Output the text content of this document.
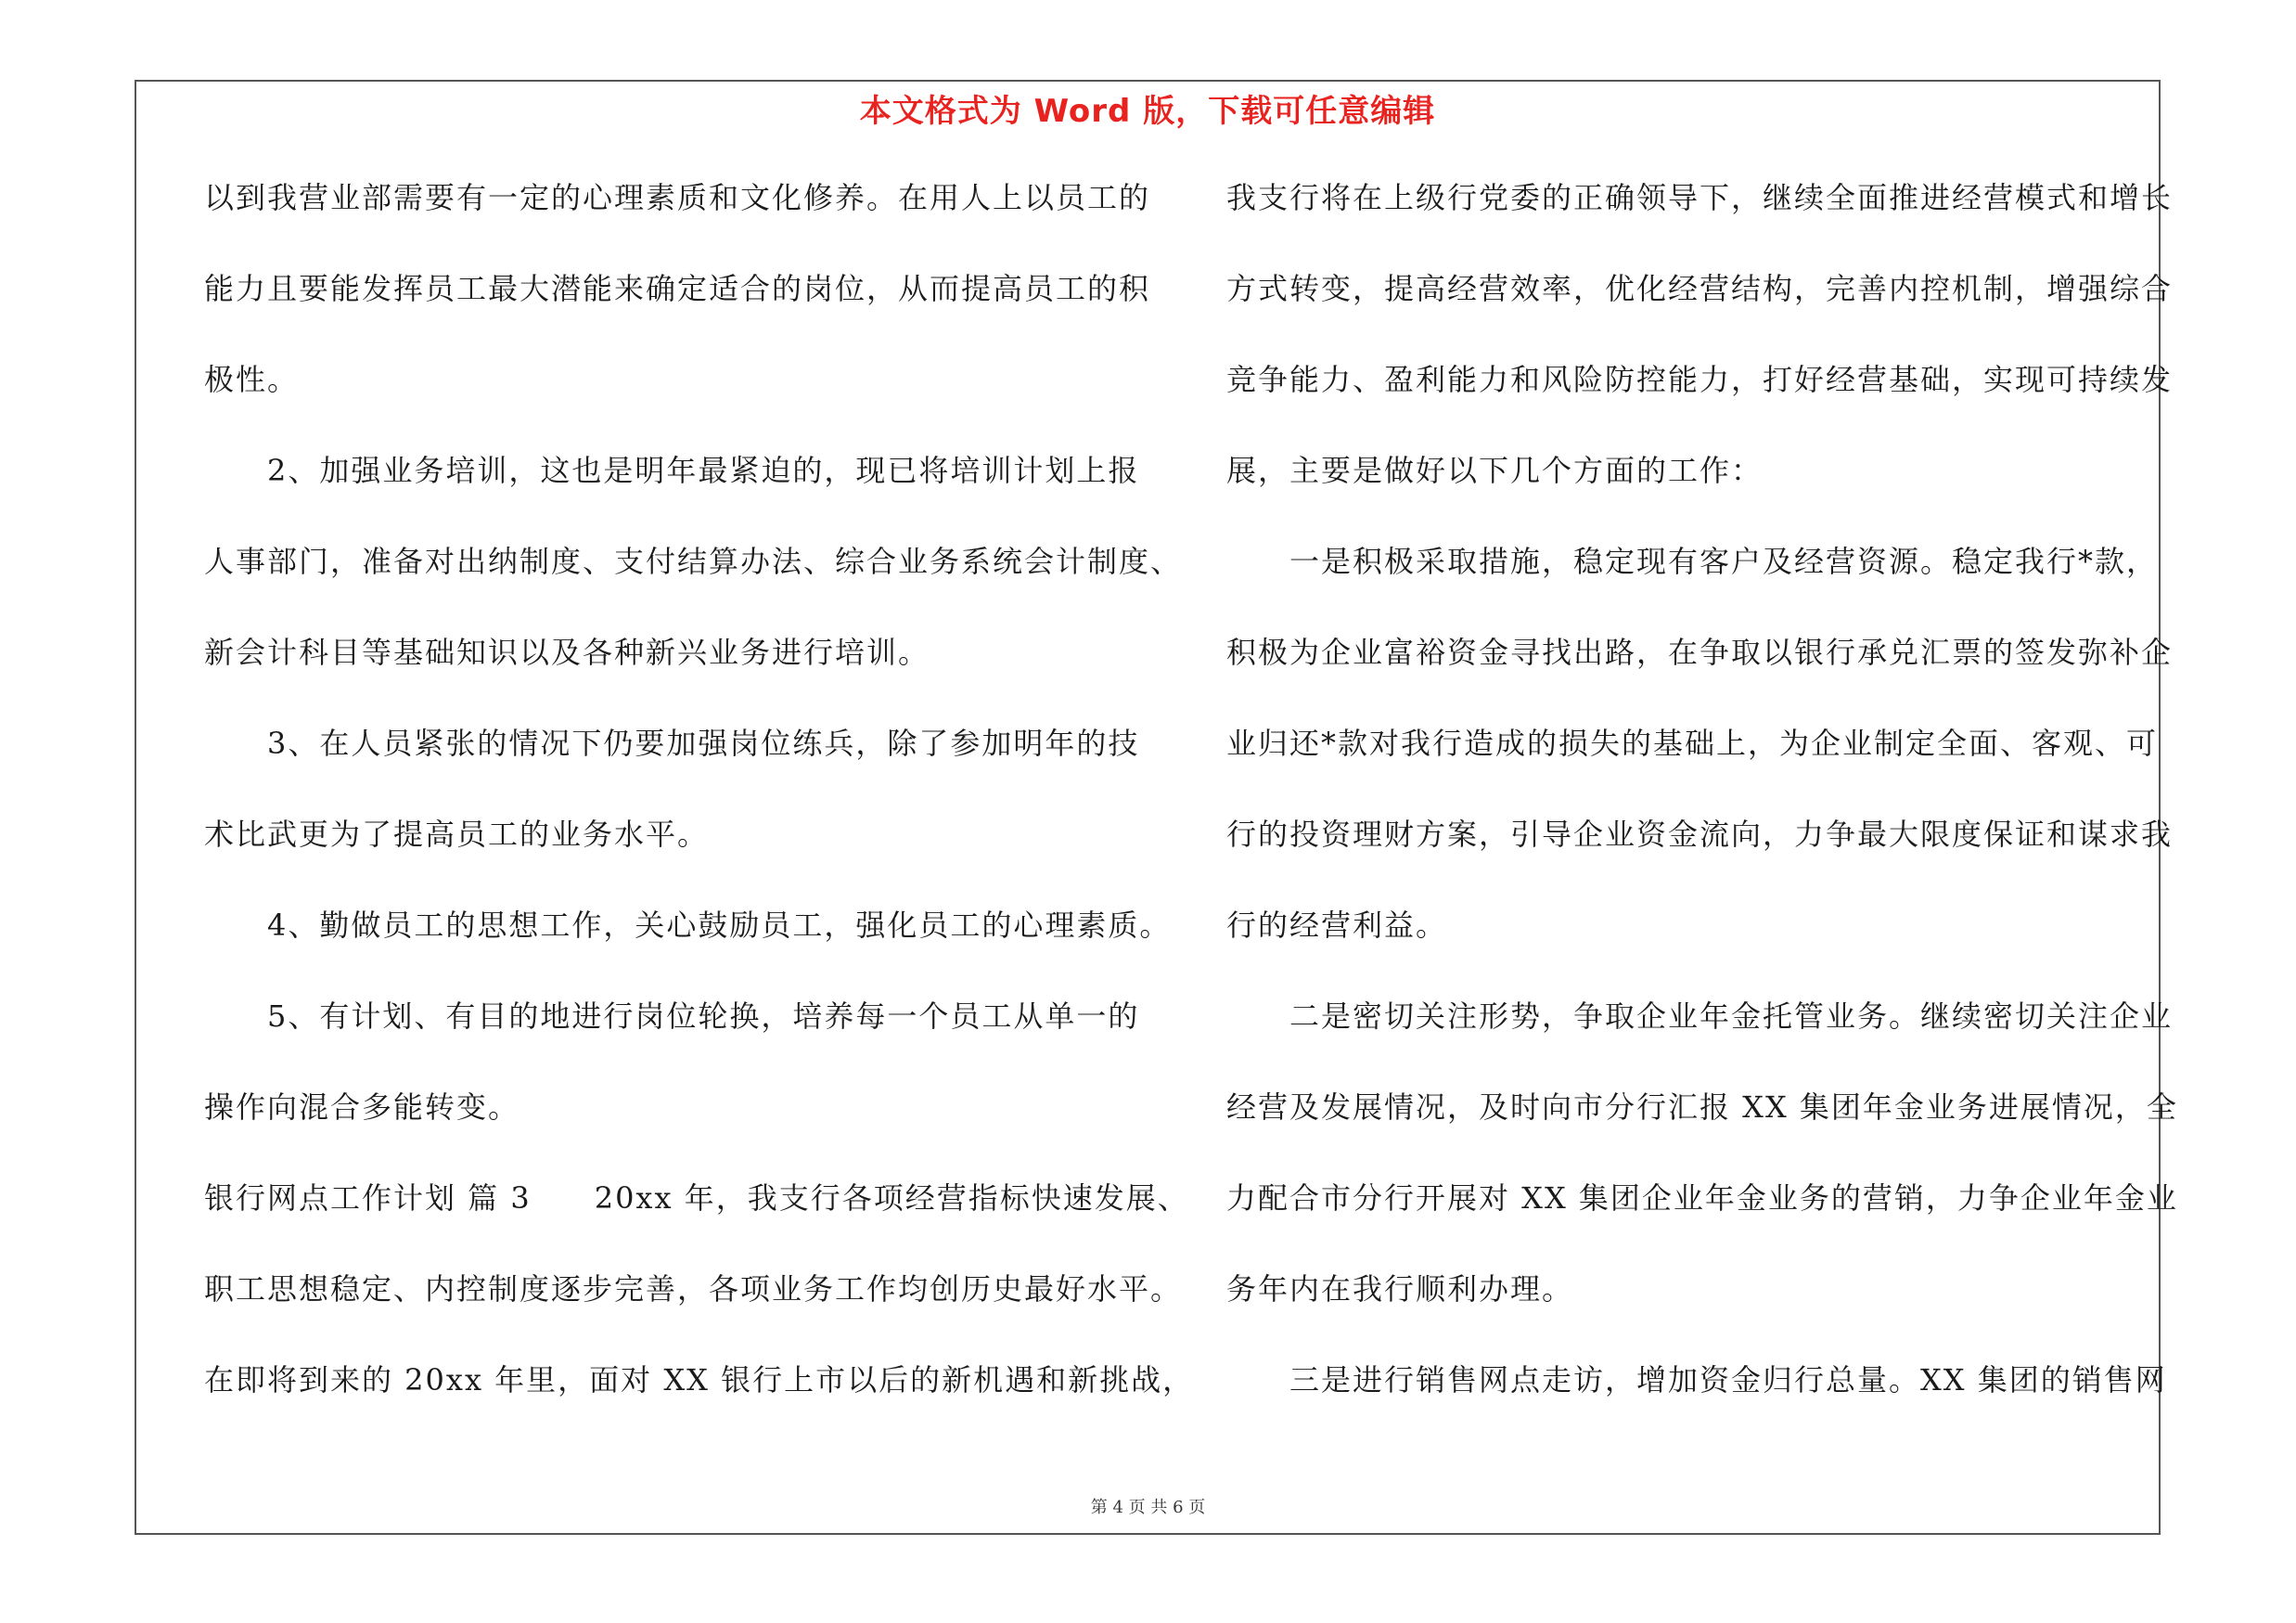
本文格式为 Word 版，下载可任意编辑
以到我营业部需要有一定的心理素质和文化修养。在用人上以员工的
能力且要能发挥员工最大潜能来确定适合的岗位，从而提高员工的积
极性。
　　2、加强业务培训，这也是明年最紧迫的，现已将培训计划上报
人事部门，准备对出纳制度、支付结算办法、综合业务系统会计制度、
新会计科目等基础知识以及各种新兴业务进行培训。
　　3、在人员紧张的情况下仍要加强岗位练兵，除了参加明年的技
术比武更为了提高员工的业务水平。
　　4、勤做员工的思想工作，关心鼓励员工，强化员工的心理素质。
　　5、有计划、有目的地进行岗位轮换，培养每一个员工从单一的
操作向混合多能转变。
银行网点工作计划 篇 3　　20xx 年，我支行各项经营指标快速发展、
职工思想稳定、内控制度逐步完善，各项业务工作均创历史最好水平。
在即将到来的 20xx 年里，面对 XX 银行上市以后的新机遇和新挑战，
我支行将在上级行党委的正确领导下，继续全面推进经营模式和增长
方式转变，提高经营效率，优化经营结构，完善内控机制，增强综合
竞争能力、盈利能力和风险防控能力，打好经营基础，实现可持续发
展，主要是做好以下几个方面的工作：
　　一是积极采取措施，稳定现有客户及经营资源。稳定我行*款，
积极为企业富裕资金寻找出路，在争取以银行承兑汇票的签发弥补企
业归还*款对我行造成的损失的基础上，为企业制定全面、客观、可
行的投资理财方案，引导企业资金流向，力争最大限度保证和谋求我
行的经营利益。
　　二是密切关注形势，争取企业年金托管业务。继续密切关注企业
经营及发展情况，及时向市分行汇报 XX 集团年金业务进展情况，全
力配合市分行开展对 XX 集团企业年金业务的营销，力争企业年金业
务年内在我行顺利办理。
　　三是进行销售网点走访，增加资金归行总量。XX 集团的销售网
第 4 页 共 6 页
